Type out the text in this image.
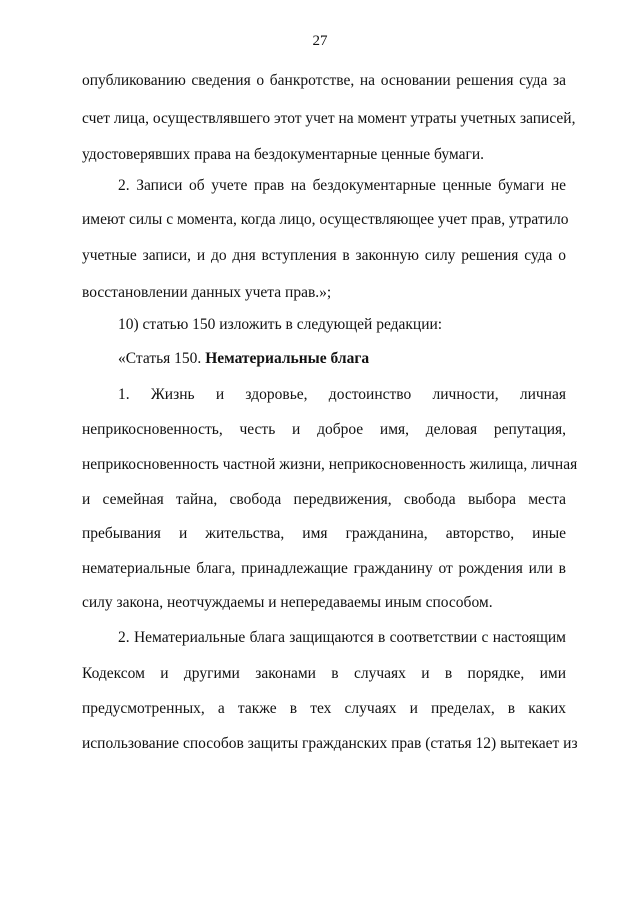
27
опубликованию сведения о банкротстве, на основании решения суда за
счет лица, осуществлявшего этот учет на момент утраты учетных записей,
удостоверявших права на бездокументарные ценные бумаги.
2. Записи об учете прав на бездокументарные ценные бумаги не
имеют силы с момента, когда лицо, осуществляющее учет прав, утратило
учетные записи, и до дня вступления в законную силу решения суда о
восстановлении данных учета прав.»;
10) статью 150 изложить в следующей редакции:
«Статья 150. Нематериальные блага
1. Жизнь и здоровье, достоинство личности, личная
неприкосновенность, честь и доброе имя, деловая репутация,
неприкосновенность частной жизни, неприкосновенность жилища, личная
и семейная тайна, свобода передвижения, свобода выбора места
пребывания и жительства, имя гражданина, авторство, иные
нематериальные блага, принадлежащие гражданину от рождения или в
силу закона, неотчуждаемы и непередаваемы иным способом.
2. Нематериальные блага защищаются в соответствии с настоящим
Кодексом и другими законами в случаях и в порядке, ими
предусмотренных, а также в тех случаях и пределах, в каких
использование способов защиты гражданских прав (статья 12) вытекает из
